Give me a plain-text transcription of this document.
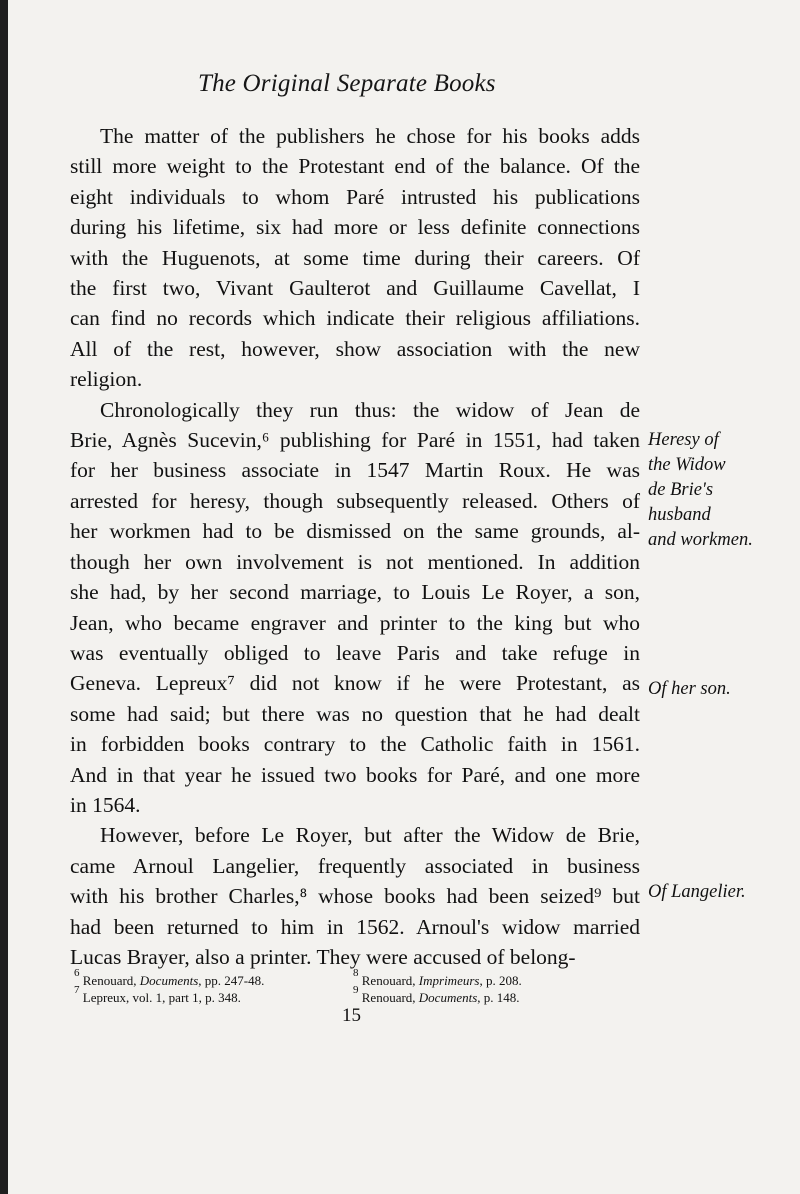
The Original Separate Books
The matter of the publishers he chose for his books adds
still more weight to the Protestant end of the balance. Of the
eight individuals to whom Paré intrusted his publications
during his lifetime, six had more or less definite connections
with the Huguenots, at some time during their careers. Of
the first two, Vivant Gaulterot and Guillaume Cavellat, I
can find no records which indicate their religious affiliations.
All of the rest, however, show association with the new
religion.
Chronologically they run thus: the widow of Jean de
Brie, Agnès Sucevin,⁶ publishing for Paré in 1551, had taken
for her business associate in 1547 Martin Roux. He was
arrested for heresy, though subsequently released. Others of
her workmen had to be dismissed on the same grounds, al-
though her own involvement is not mentioned. In addition
she had, by her second marriage, to Louis Le Royer, a son,
Jean, who became engraver and printer to the king but who
was eventually obliged to leave Paris and take refuge in
Geneva. Lepreux⁷ did not know if he were Protestant, as
some had said; but there was no question that he had dealt
in forbidden books contrary to the Catholic faith in 1561.
And in that year he issued two books for Paré, and one more
in 1564.
However, before Le Royer, but after the Widow de Brie,
came Arnoul Langelier, frequently associated in business
with his brother Charles,⁸ whose books had been seized⁹ but
had been returned to him in 1562. Arnoul's widow married
Lucas Brayer, also a printer. They were accused of belong-
Heresy of
the Widow
de Brie's
husband
and workmen.
Of her son.
Of Langelier.
$^6$ Renouard, Documents, pp. 247-48.
$^7$ Lepreux, vol. 1, part 1, p. 348.
$^8$ Renouard, Imprimeurs, p. 208.
$^9$ Renouard, Documents, p. 148.
15
